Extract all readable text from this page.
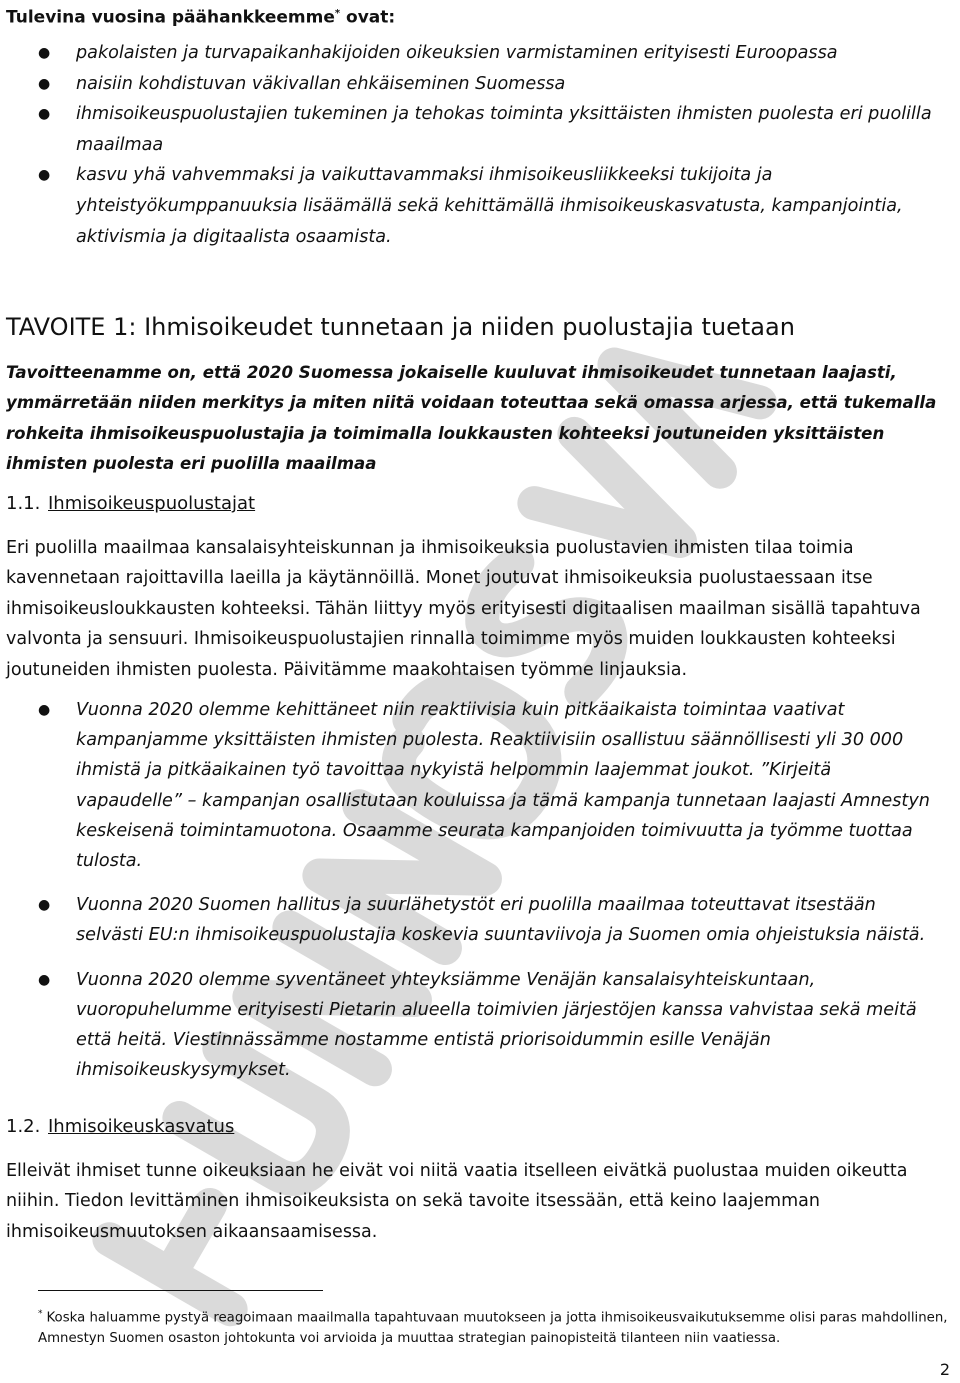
Tulevina vuosina päähankkeemme* ovat:
● pakolaisten ja turvapaikanhakijoiden oikeuksien varmistaminen erityisesti Euroopassa
● naisiin kohdistuvan väkivallan ehkäiseminen Suomessa
● ihmisoikeuspuolustajien tukeminen ja tehokas toiminta yksittäisten ihmisten puolesta eri puolilla maailmaa
● kasvu yhä vahvemmaksi ja vaikuttavammaksi ihmisoikeusliikkeeksi tukijoita ja yhteistyökumppanuuksia lisäämällä sekä kehittämällä ihmisoikeuskasvatusta, kampanjointia, aktivismia ja digitaalista osaamista.
TAVOITE 1: Ihmisoikeudet tunnetaan ja niiden puolustajia tuetaan
Tavoitteenamme on, että 2020 Suomessa jokaiselle kuuluvat ihmisoikeudet tunnetaan laajasti, ymmärretään niiden merkitys ja miten niitä voidaan toteuttaa sekä omassa arjessa, että tukemalla rohkeita ihmisoikeuspuolustajia ja toimimalla loukkausten kohteeksi joutuneiden yksittäisten ihmisten puolesta eri puolilla maailmaa
1.1. Ihmisoikeuspuolustajat
Eri puolilla maailmaa kansalaisyhteiskunnan ja ihmisoikeuksia puolustavien ihmisten tilaa toimia kavennetaan rajoittavilla laeilla ja käytännöillä. Monet joutuvat ihmisoikeuksia puolustaessaan itse ihmisoikeusloukkausten kohteeksi. Tähän liittyy myös erityisesti digitaalisen maailman sisällä tapahtuva valvonta ja sensuuri. Ihmisoikeuspuolustajien rinnalla toimimme myös muiden loukkausten kohteeksi joutuneiden ihmisten puolesta. Päivitämme maakohtaisen työmme linjauksia.
● Vuonna 2020 olemme kehittäneet niin reaktiivisia kuin pitkäaikaista toimintaa vaativat kampanjamme yksittäisten ihmisten puolesta. Reaktiivisiin osallistuu säännöllisesti yli 30 000 ihmistä ja pitkäaikainen työ tavoittaa nykyistä helpommin laajemmat joukot. ”Kirjeitä vapaudelle” – kampanjan osallistutaan kouluissa ja tämä kampanja tunnetaan laajasti Amnestyn keskeisenä toimintamuotona. Osaamme seurata kampanjoiden toimivuutta ja työmme tuottaa tulosta.
● Vuonna 2020 Suomen hallitus ja suurlähetystöt eri puolilla maailmaa toteuttavat itsestään selvästi EU:n ihmisoikeuspuolustajia koskevia suuntaviivoja ja Suomen omia ohjeistuksia näistä.
● Vuonna 2020 olemme syventäneet yhteyksiämme Venäjän kansalaisyhteiskuntaan, vuoropuhelumme erityisesti Pietarin alueella toimivien järjestöjen kanssa vahvistaa sekä meitä että heitä. Viestinnässämme nostamme entistä priorisoidummin esille Venäjän ihmisoikeuskysymykset.
1.2. Ihmisoikeuskasvatus
Elleivät ihmiset tunne oikeuksiaan he eivät voi niitä vaatia itselleen eivätkä puolustaa muiden oikeutta niihin. Tiedon levittäminen ihmisoikeuksista on sekä tavoite itsessään, että keino laajemman ihmisoikeusmuutoksen aikaansaamisessa.
* Koska haluamme pystyä reagoimaan maailmalla tapahtuvaan muutokseen ja jotta ihmisoikeusvaikutuksemme olisi paras mahdollinen, Amnestyn Suomen osaston johtokunta voi arvioida ja muuttaa strategian painopisteitä tilanteen niin vaatiessa.
2
